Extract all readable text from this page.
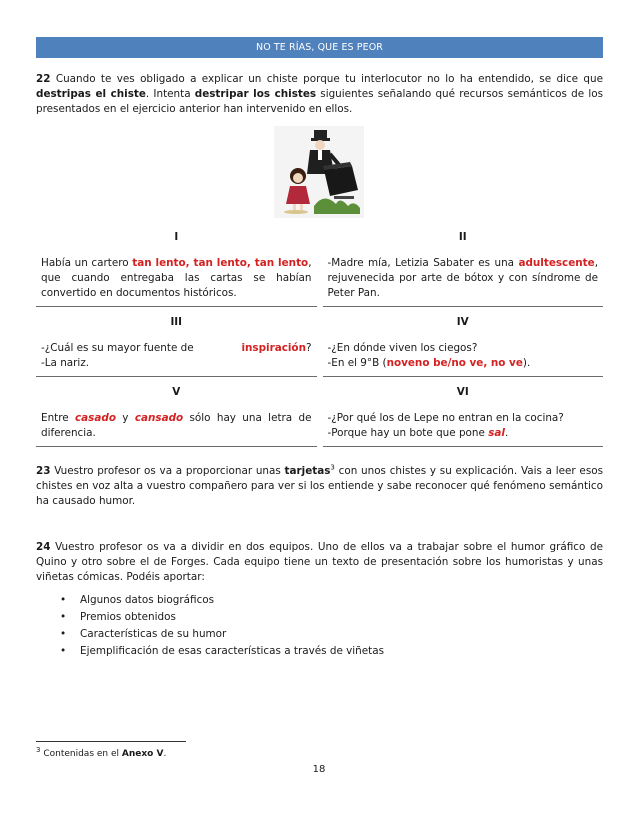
NO TE RÍAS, QUE ES PEOR

22 Cuando te ves obligado a explicar un chiste porque tu interlocutor no lo ha entendido, se dice que destripas el chiste. Intenta destripar los chistes siguientes señalando qué recursos semánticos de los presentados en el ejercicio anterior han intervenido en ellos.

I	II
Había un cartero tan lento, tan lento, tan lento, que cuando entregaba las cartas se habían convertido en documentos históricos.
-Madre mía, Letizia Sabater es una adultescente, rejuvenecida por arte de bótox y con síndrome de Peter Pan.
III	IV
-¿Cuál es su mayor fuente de	inspiración?
-La nariz.
-¿En dónde viven los ciegos?
-En el 9°B (noveno be/no ve, no ve).
V	VI
Entre casado y cansado sólo hay una letra de diferencia.
-¿Por qué los de Lepe no entran en la cocina?
-Porque hay un bote que pone sal.

23 Vuestro profesor os va a proporcionar unas tarjetas$^3$ con unos chistes y su explicación. Vais a leer esos chistes en voz alta a vuestro compañero para ver si los entiende y sabe reconocer qué fenómeno semántico ha causado humor.

24 Vuestro profesor os va a dividir en dos equipos. Uno de ellos va a trabajar sobre el humor gráfico de Quino y otro sobre el de Forges. Cada equipo tiene un texto de presentación sobre los humoristas y unas viñetas cómicas. Podéis aportar:

• Algunos datos biográficos
• Premios obtenidos
• Características de su humor
• Ejemplificación de esas características a través de viñetas
$^3$ Contenidas en el Anexo V.
18
